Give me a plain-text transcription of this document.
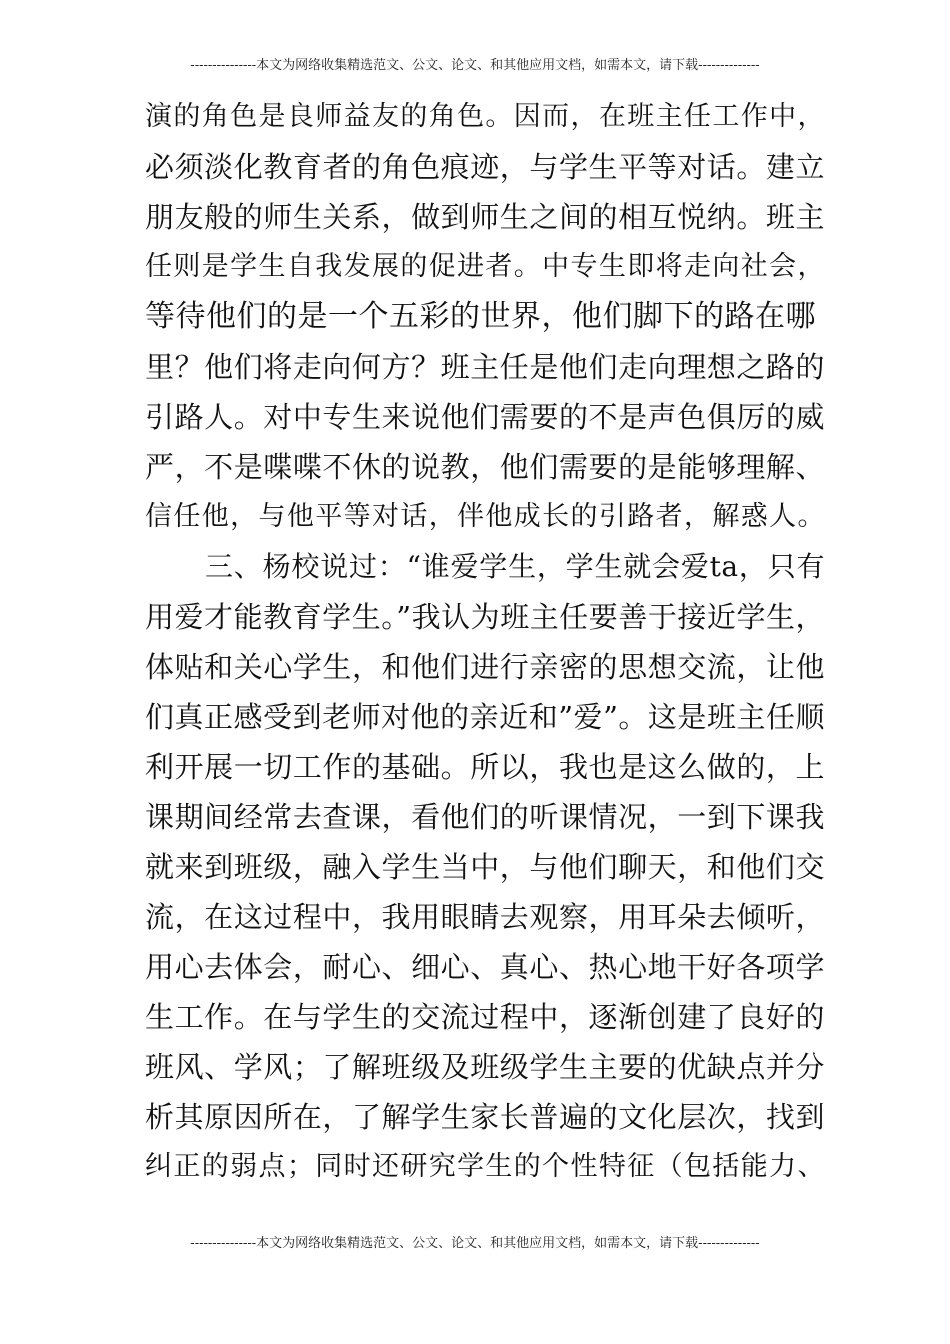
---------------本文为网络收集精选范文、公文、论文、和其他应用文档，如需本文，请下载--------------
演的角色是良师益友的角色。因而，在班主任工作中，
必须淡化教育者的角色痕迹，与学生平等对话。建立
朋友般的师生关系，做到师生之间的相互悦纳。班主
任则是学生自我发展的促进者。中专生即将走向社会，
等待他们的是一个五彩的世界，他们脚下的路在哪
里？他们将走向何方？班主任是他们走向理想之路的
引路人。对中专生来说他们需要的不是声色俱厉的威
严，不是喋喋不休的说教，他们需要的是能够理解、
信任他，与他平等对话，伴他成长的引路者，解惑人。
三、杨校说过：“谁爱学生，学生就会爱ta，只有
用爱才能教育学生。”我认为班主任要善于接近学生，
体贴和关心学生，和他们进行亲密的思想交流，让他
们真正感受到老师对他的亲近和”爱”。这是班主任顺
利开展一切工作的基础。所以，我也是这么做的，上
课期间经常去查课，看他们的听课情况，一到下课我
就来到班级，融入学生当中，与他们聊天，和他们交
流，在这过程中，我用眼睛去观察，用耳朵去倾听，
用心去体会，耐心、细心、真心、热心地干好各项学
生工作。在与学生的交流过程中，逐渐创建了良好的
班风、学风；了解班级及班级学生主要的优缺点并分
析其原因所在，了解学生家长普遍的文化层次，找到
纠正的弱点；同时还研究学生的个性特征（包括能力、
---------------本文为网络收集精选范文、公文、论文、和其他应用文档，如需本文，请下载--------------
